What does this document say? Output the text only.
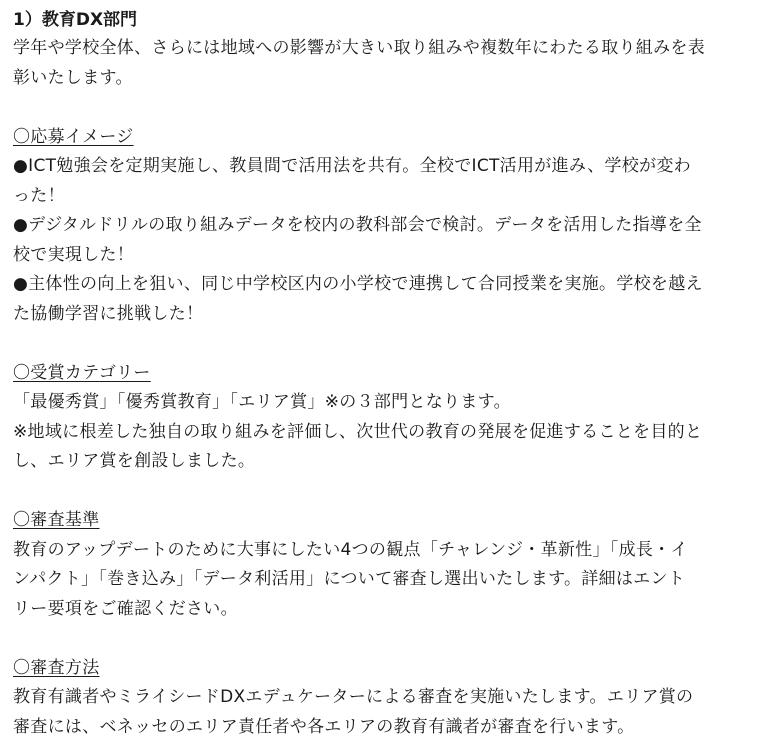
1）教育DX部門

学年や学校全体、さらには地域への影響が大きい取り組みや複数年にわたる取り組みを表
彰いたします。

〇応募イメージ

●ICT勉強会を定期実施し、教員間で活用法を共有。全校でICT活用が進み、学校が変わ
った！
●デジタルドリルの取り組みデータを校内の教科部会で検討。データを活用した指導を全
校で実現した！
●主体性の向上を狙い、同じ中学校区内の小学校で連携して合同授業を実施。学校を越え
た協働学習に挑戦した！

〇受賞カテゴリー

「最優秀賞」「優秀賞教育」「エリア賞」※の３部門となります。
※地域に根差した独自の取り組みを評価し、次世代の教育の発展を促進することを目的と
し、エリア賞を創設しました。

〇審査基準

教育のアップデートのために大事にしたい4つの観点「チャレンジ・革新性」「成長・イ
ンパクト」「巻き込み」「データ利活用」について審査し選出いたします。詳細はエント
リー要項をご確認ください。

〇審査方法

教育有識者やミライシードDXエデュケーターによる審査を実施いたします。エリア賞の
審査には、ベネッセのエリア責任者や各エリアの教育有識者が審査を行います。
